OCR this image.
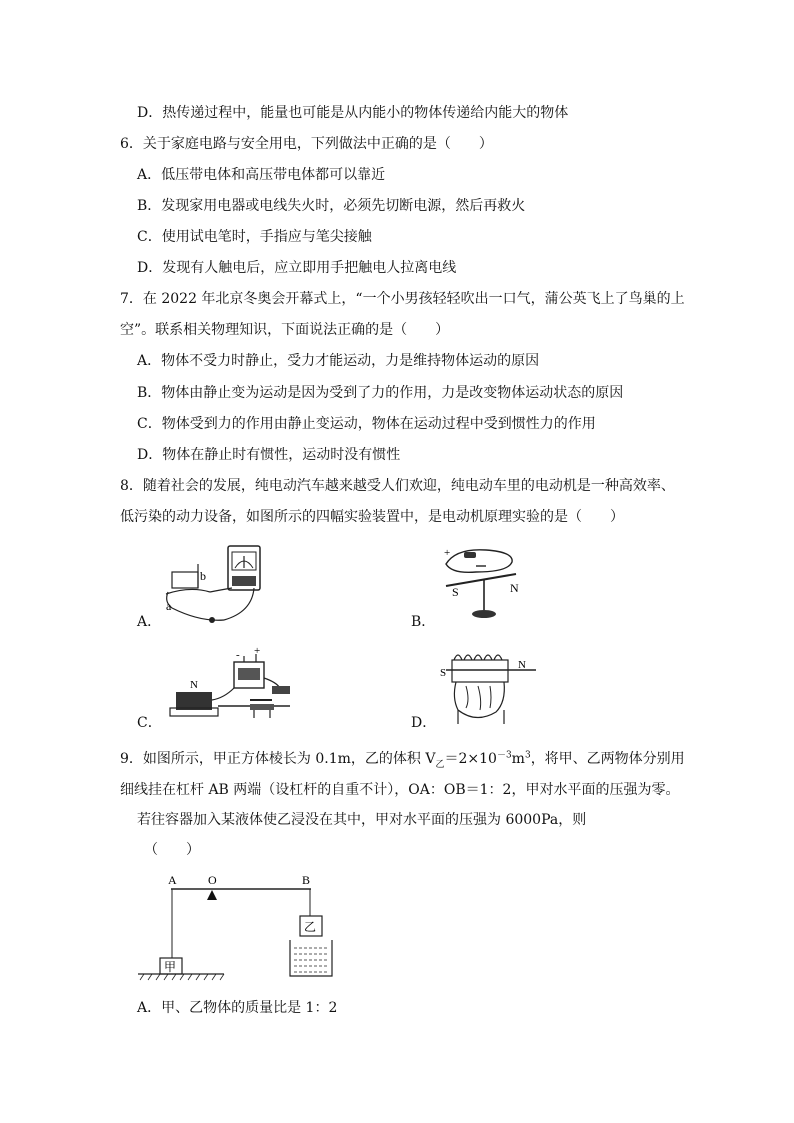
D．热传递过程中，能量也可能是从内能小的物体传递给内能大的物体
6．关于家庭电路与安全用电，下列做法中正确的是（　　）
A．低压带电体和高压带电体都可以靠近
B．发现家用电器或电线失火时，必须先切断电源，然后再救火
C．使用试电笔时，手指应与笔尖接触
D．发现有人触电后，应立即用手把触电人拉离电线
7．在 2022 年北京冬奥会开幕式上，“一个小男孩轻轻吹出一口气，蒲公英飞上了鸟巢的上
空”。联系相关物理知识，下面说法正确的是（　　）
A．物体不受力时静止，受力才能运动，力是维持物体运动的原因
B．物体由静止变为运动是因为受到了力的作用，力是改变物体运动状态的原因
C．物体受到力的作用由静止变运动，物体在运动过程中受到惯性力的作用
D．物体在静止时有惯性，运动时没有惯性
8．随着社会的发展，纯电动汽车越来越受人们欢迎，纯电动车里的电动机是一种高效率、
低污染的动力设备，如图所示的四幅实验装置中，是电动机原理实验的是（　　）
b
a
A．
+
S	N
B．
N
- +
C．
S
N
D．
9．如图所示，甲正方体棱长为 0.1m，乙的体积 $V_乙=2\times 10^{-3}m^3$，将甲、乙两物体分别用
细线挂在杠杆 AB 两端（设杠杆的自重不计），OA：OB＝1：2，甲对水平面的压强为零。
若往容器加入某液体使乙浸没在其中，甲对水平面的压强为 6000Pa，则
（　　）
A	O	B
甲
乙
A．甲、乙物体的质量比是 1：2
